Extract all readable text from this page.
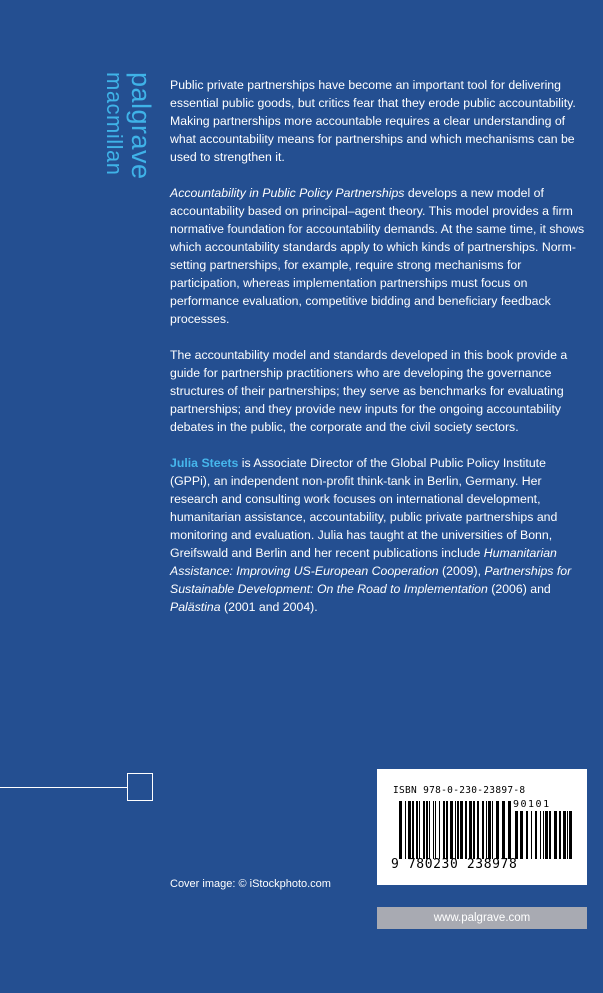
palgrave
macmillan	Public private partnerships have become an important tool for delivering essential public goods, but critics fear that they erode public accountability. Making partnerships more accountable requires a clear understanding of what accountability means for partnerships and which mechanisms can be used to strengthen it.

Accountability in Public Policy Partnerships develops a new model of accountability based on principal–agent theory. This model provides a firm normative foundation for accountability demands. At the same time, it shows which accountability standards apply to which kinds of partnerships. Norm-setting partnerships, for example, require strong mechanisms for participation, whereas implementation partnerships must focus on performance evaluation, competitive bidding and beneficiary feedback processes.

The accountability model and standards developed in this book provide a guide for partnership practitioners who are developing the governance structures of their partnerships; they serve as benchmarks for evaluating partnerships; and they provide new inputs for the ongoing accountability debates in the public, the corporate and the civil society sectors.

Julia Steets is Associate Director of the Global Public Policy Institute (GPPi), an independent non-profit think-tank in Berlin, Germany. Her research and consulting work focuses on international development, humanitarian assistance, accountability, public private partnerships and monitoring and evaluation. Julia has taught at the universities of Bonn, Greifswald and Berlin and her recent publications include Humanitarian Assistance: Improving US-European Cooperation (2009), Partnerships for Sustainable Development: On the Road to Implementation (2006) and Palästina (2001 and 2004).

ISBN 978-0-230-23897-8
90101
9 780230 238978
Cover image: © iStockphoto.com
www.palgrave.com
